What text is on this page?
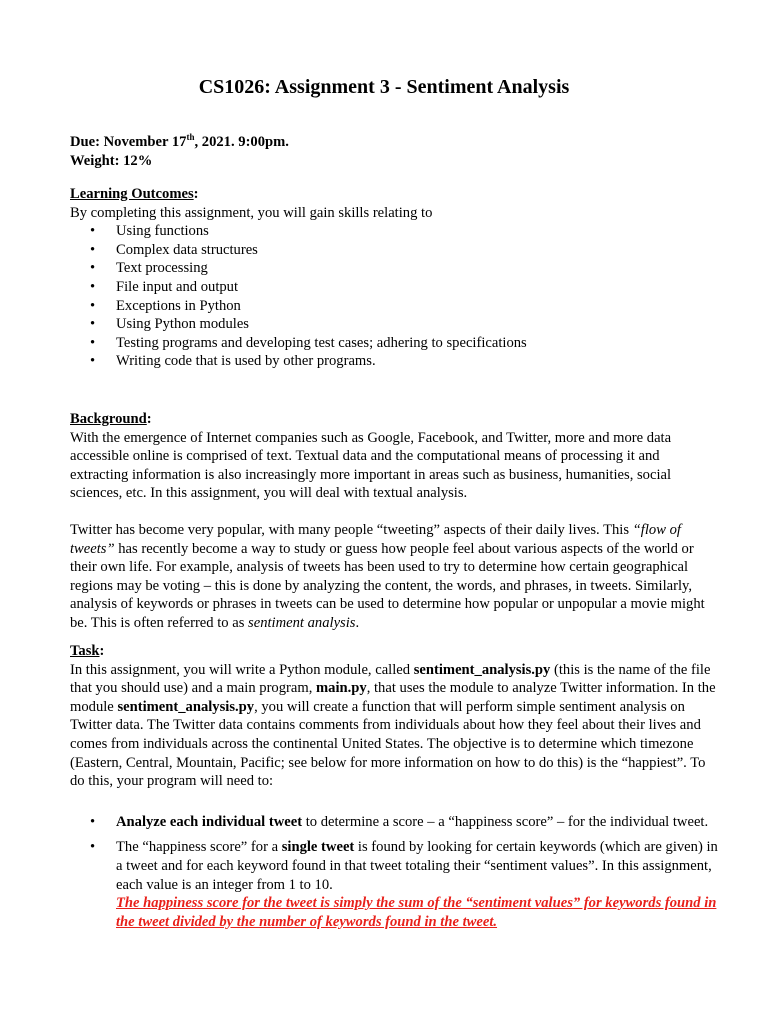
CS1026: Assignment 3 - Sentiment Analysis

Due: November 17th, 2021. 9:00pm.

Weight: 12%

Learning Outcomes:

By completing this assignment, you will gain skills relating to

• Using functions
• Complex data structures
• Text processing
• File input and output
• Exceptions in Python
• Using Python modules
• Testing programs and developing test cases; adhering to specifications
• Writing code that is used by other programs.

Background:

With the emergence of Internet companies such as Google, Facebook, and Twitter, more and more data accessible online is comprised of text. Textual data and the computational means of processing it and extracting information is also increasingly more important in areas such as business, humanities, social sciences, etc. In this assignment, you will deal with textual analysis.

Twitter has become very popular, with many people “tweeting” aspects of their daily lives. This “flow of tweets” has recently become a way to study or guess how people feel about various aspects of the world or their own life. For example, analysis of tweets has been used to try to determine how certain geographical regions may be voting – this is done by analyzing the content, the words, and phrases, in tweets. Similarly, analysis of keywords or phrases in tweets can be used to determine how popular or unpopular a movie might be. This is often referred to as sentiment analysis.

Task:

In this assignment, you will write a Python module, called sentiment_analysis.py (this is the name of the file that you should use) and a main program, main.py, that uses the module to analyze Twitter information. In the module sentiment_analysis.py, you will create a function that will perform simple sentiment analysis on Twitter data. The Twitter data contains comments from individuals about how they feel about their lives and comes from individuals across the continental United States. The objective is to determine which timezone (Eastern, Central, Mountain, Pacific; see below for more information on how to do this) is the “happiest”. To do this, your program will need to:

• Analyze each individual tweet to determine a score – a “happiness score” – for the individual tweet.
• The “happiness score” for a single tweet is found by looking for certain keywords (which are given) in a tweet and for each keyword found in that tweet totaling their “sentiment values”. In this assignment, each value is an integer from 1 to 10.
The happiness score for the tweet is simply the sum of the “sentiment values” for keywords found in the tweet divided by the number of keywords found in the tweet.
